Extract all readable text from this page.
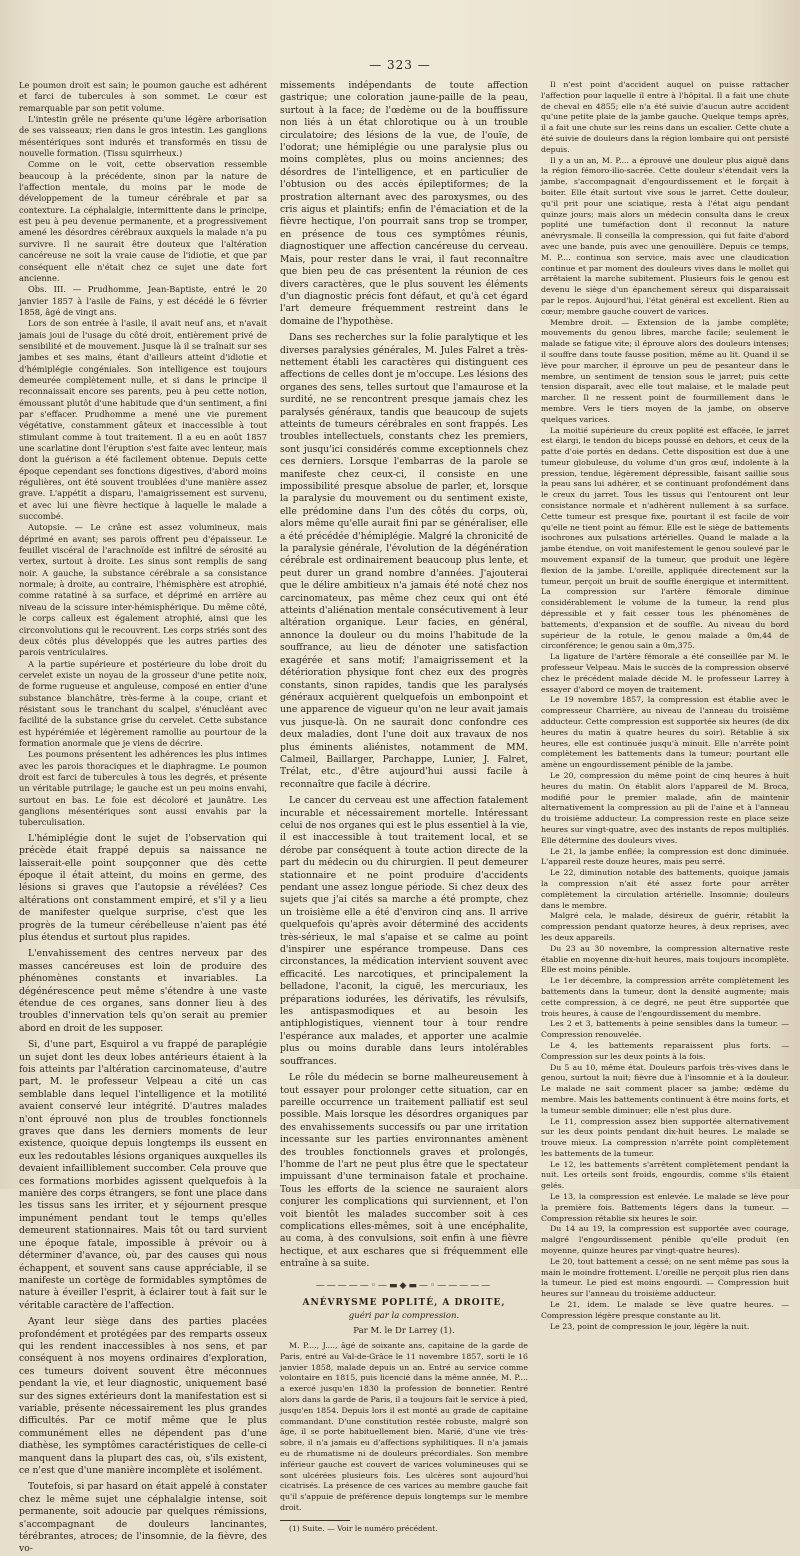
— 323 —

Le poumon droit est sain; le poumon gauche est adhérent et farci de tubercules à son sommet. Le cœur est remarquable par son petit volume.

L'intestin grêle ne présente qu'une légère arborisation de ses vaisseaux; rien dans le gros intestin. Les ganglions mésentériques sont indurés et transformés en tissu de nouvelle formation. (Tissu squirrheux.)

Comme on le voit, cette observation ressemble beaucoup à la précédente, sinon par la nature de l'affection mentale, du moins par le mode de développement de la tumeur cérébrale et par sa contexture. La céphalalgie, intermittente dans le principe, est peu à peu devenue permanente, et a progressivement amené les désordres cérébraux auxquels la malade n'a pu survivre. Il ne saurait être douteux que l'altération cancéreuse ne soit la vraie cause de l'idiotie, et que par conséquent elle n'était chez ce sujet une date fort ancienne.

Obs. III. — Prudhomme, Jean-Baptiste, entré le 20 janvier 1857 à l'asile de Fains, y est décédé le 6 février 1858, âgé de vingt ans.

Lors de son entrée à l'asile, il avait neuf ans, et n'avait jamais joui de l'usage du côté droit, entièrement privé de sensibilité et de mouvement. Jusque là il se traînait sur ses jambes et ses mains, étant d'ailleurs atteint d'idiotie et d'hémiplégie congéniales. Son intelligence est toujours demeurée complètement nulle, et si dans le principe il reconnaissait encore ses parents, peu à peu cette notion, émoussant plutôt d'une habitude que d'un sentiment, a fini par s'effacer. Prudhomme a mené une vie purement végétative, constamment gâteux et inaccessible à tout stimulant comme à tout traitement. Il a eu en août 1857 une scarlatine dont l'éruption s'est faite avec lenteur, mais dont la guérison a été facilement obtenue. Depuis cette époque cependant ses fonctions digestives, d'abord moins régulières, ont été souvent troublées d'une manière assez grave. L'appétit a disparu, l'amaigrissement est survenu, et avec lui une fièvre hectique à laquelle le malade a succombé.

Autopsie. — Le crâne est assez volumineux, mais déprimé en avant; ses parois offrent peu d'épaisseur. Le feuillet viscéral de l'arachnoïde est infiltré de sérosité au vertex, surtout à droite. Les sinus sont remplis de sang noir. A gauche, la substance cérébrale a sa consistance normale; à droite, au contraire, l'hémisphère est atrophié, comme ratatiné à sa surface, et déprimé en arrière au niveau de la scissure inter-hémisphérique. Du même côté, le corps calleux est également atrophié, ainsi que les circonvolutions qui le recouvrent. Les corps striés sont des deux côtés plus développés que les autres parties des parois ventriculaires.

A la partie supérieure et postérieure du lobe droit du cervelet existe un noyau de la grosseur d'une petite noix, de forme rugueuse et anguleuse, composé en entier d'une substance blanchâtre, très-ferme à la coupe, criant et résistant sous le tranchant du scalpel, s'énucléant avec facilité de la substance grise du cervelet. Cette substance est hypérémiée et légèrement ramollie au pourtour de la formation anormale que je viens de décrire.

Les poumons présentent les adhérences les plus intimes avec les parois thoraciques et le diaphragme. Le poumon droit est farci de tubercules à tous les degrés, et présente un véritable putrilage; le gauche est un peu moins envahi, surtout en bas. Le foie est décoloré et jaunâtre. Les ganglions mésentériques sont aussi envahis par la tuberculisation.

L'hémiplégie dont le sujet de l'observation qui précède était frappé depuis sa naissance ne laisserait-elle point soupçonner que dès cette époque il était atteint, du moins en germe, des lésions si graves que l'autopsie a révélées? Ces altérations ont constamment empiré, et s'il y a lieu de manifester quelque surprise, c'est que les progrès de la tumeur cérébelleuse n'aient pas été plus étendus et surtout plus rapides.

L'envahissement des centres nerveux par des masses cancéreuses est loin de produire des phénomènes constants et invariables. La dégénérescence peut même s'étendre à une vaste étendue de ces organes, sans donner lieu à des troubles d'innervation tels qu'on serait au premier abord en droit de les supposer.

Si, d'une part, Esquirol a vu frappé de paraplégie un sujet dont les deux lobes antérieurs étaient à la fois atteints par l'altération carcinomateuse, d'autre part, M. le professeur Velpeau a cité un cas semblable dans lequel l'intelligence et la motilité avaient conservé leur intégrité. D'autres malades n'ont éprouvé non plus de troubles fonctionnels graves que dans les derniers moments de leur existence, quoique depuis longtemps ils eussent en eux les redoutables lésions organiques auxquelles ils devaient infailliblement succomber. Cela prouve que ces formations morbides agissent quelquefois à la manière des corps étrangers, se font une place dans les tissus sans les irriter, et y séjournent presque impunément pendant tout le temps qu'elles demeurent stationnaires. Mais tôt ou tard survient une époque fatale, impossible à prévoir ou à déterminer d'avance, où, par des causes qui nous échappent, et souvent sans cause appréciable, il se manifeste un cortège de formidables symptômes de nature à éveiller l'esprit, à éclairer tout à fait sur le véritable caractère de l'affection.

Ayant leur siège dans des parties placées profondément et protégées par des remparts osseux qui les rendent inaccessibles à nos sens, et par conséquent à nos moyens ordinaires d'exploration, ces tumeurs doivent souvent être méconnues pendant la vie, et leur diagnostic, uniquement basé sur des signes extérieurs dont la manifestation est si variable, présente nécessairement les plus grandes difficultés. Par ce motif même que le plus communément elles ne dépendent pas d'une diathèse, les symptômes caractéristiques de celle-ci manquent dans la plupart des cas, où, s'ils existent, ce n'est que d'une manière incomplète et isolément.

Toutefois, si par hasard on était appelé à constater chez le même sujet une céphalalgie intense, soit permanente, soit adoucie par quelques rémissions, s'accompagnant de douleurs lancinantes, térébrantes, atroces; de l'insomnie, de la fièvre, des vo-

missements indépendants de toute affection gastrique; une coloration jaune-paille de la peau, surtout à la face; de l'œdème ou de la bouffissure non liés à un état chlorotique ou à un trouble circulatoire; des lésions de la vue, de l'ouïe, de l'odorat; une hémiplégie ou une paralysie plus ou moins complètes, plus ou moins anciennes; des désordres de l'intelligence, et en particulier de l'obtusion ou des accès épileptiformes; de la prostration alternant avec des paroxysmes, ou des cris aigus et plaintifs; enfin de l'émaciation et de la fièvre hectique, l'on pourrait sans trop se tromper, en présence de tous ces symptômes réunis, diagnostiquer une affection cancéreuse du cerveau. Mais, pour rester dans le vrai, il faut reconnaître que bien peu de cas présentent la réunion de ces divers caractères, que le plus souvent les éléments d'un diagnostic précis font défaut, et qu'à cet égard l'art demeure fréquemment restreint dans le domaine de l'hypothèse.

Dans ses recherches sur la folie paralytique et les diverses paralysies générales, M. Jules Falret a très-nettement établi les caractères qui distinguent ces affections de celles dont je m'occupe. Les lésions des organes des sens, telles surtout que l'amaurose et la surdité, ne se rencontrent presque jamais chez les paralysés généraux, tandis que beaucoup de sujets atteints de tumeurs cérébrales en sont frappés. Les troubles intellectuels, constants chez les premiers, sont jusqu'ici considérés comme exceptionnels chez ces derniers. Lorsque l'embarras de la parole se manifeste chez ceux-ci, il consiste en une impossibilité presque absolue de parler, et, lorsque la paralysie du mouvement ou du sentiment existe, elle prédomine dans l'un des côtés du corps, où, alors même qu'elle aurait fini par se généraliser, elle a été précédée d'hémiplégie. Malgré la chronicité de la paralysie générale, l'évolution de la dégénération cérébrale est ordinairement beaucoup plus lente, et peut durer un grand nombre d'années. J'ajouterai que le délire ambitieux n'a jamais été noté chez nos carcinomateux, pas même chez ceux qui ont été atteints d'aliénation mentale consécutivement à leur altération organique. Leur facies, en général, annonce la douleur ou du moins l'habitude de la souffrance, au lieu de dénoter une satisfaction exagérée et sans motif; l'amaigrissement et la détérioration physique font chez eux des progrès constants, sinon rapides, tandis que les paralysés généraux acquièrent quelquefois un embonpoint et une apparence de vigueur qu'on ne leur avait jamais vus jusque-là. On ne saurait donc confondre ces deux maladies, dont l'une doit aux travaux de nos plus éminents aliénistes, notamment de MM. Calmeil, Baillarger, Parchappe, Lunier, J. Falret, Trélat, etc., d'être aujourd'hui aussi facile à reconnaître que facile à décrire.

Le cancer du cerveau est une affection fatalement incurable et nécessairement mortelle. Intéressant celui de nos organes qui est le plus essentiel à la vie, il est inaccessible à tout traitement local, et se dérobe par conséquent à toute action directe de la part du médecin ou du chirurgien. Il peut demeurer stationnaire et ne point produire d'accidents pendant une assez longue période. Si chez deux des sujets que j'ai cités sa marche a été prompte, chez un troisième elle a été d'environ cinq ans. Il arrive quelquefois qu'après avoir déterminé des accidents très-sérieux, le mal s'apaise et se calme au point d'inspirer une espérance trompeuse. Dans ces circonstances, la médication intervient souvent avec efficacité. Les narcotiques, et principalement la belladone, l'aconit, la ciguë, les mercuriaux, les préparations iodurées, les dérivatifs, les révulsifs, les antispasmodiques et au besoin les antiphlogistiques, viennent tour à tour rendre l'espérance aux malades, et apporter une acalmie plus ou moins durable dans leurs intolérables souffrances.

Le rôle du médecin se borne malheureusement à tout essayer pour prolonger cette situation, car en pareille occurrence un traitement palliatif est seul possible. Mais lorsque les désordres organiques par des envahissements successifs ou par une irritation incessante sur les parties environnantes amènent des troubles fonctionnels graves et prolongés, l'homme de l'art ne peut plus être que le spectateur impuissant d'une terminaison fatale et prochaine. Tous les efforts de la science ne sauraient alors conjurer les complications qui surviennent, et l'on voit bientôt les malades succomber soit à ces complications elles-mêmes, soit à une encéphalite, au coma, à des convulsions, soit enfin à une fièvre hectique, et aux eschares que si fréquemment elle entraîne à sa suite.

—————◦—▬◆▬—◦—————
ANÉVRYSME POPLITÉ, A DROITE,
guéri par la compression.
Par M. le Dr Larrey (1).

M. P...., J...., âgé de soixante ans, capitaine de la garde de Paris, entré au Val-de-Grâce le 11 novembre 1857, sorti le 16 janvier 1858, malade depuis un an. Entré au service comme volontaire en 1815, puis licencié dans la même année, M. P.... a exercé jusqu'en 1830 la profession de bonnetier. Rentré alors dans la garde de Paris, il a toujours fait le service à pied, jusqu'en 1854. Depuis lors il est monté au grade de capitaine commandant. D'une constitution restée robuste, malgré son âge, il se porte habituellement bien. Marié, d'une vie très-sobre, il n'a jamais eu d'affections syphilitiques. Il n'a jamais eu de rhumatisme ni de douleurs précordiales. Son membre inférieur gauche est couvert de varices volumineuses qui se sont ulcérées plusieurs fois. Les ulcères sont aujourd'hui cicatrisés. La présence de ces varices au membre gauche fait qu'il s'appuie de préférence depuis longtemps sur le membre droit.

(1) Suite. — Voir le numéro précédent.

Il n'est point d'accident auquel on puisse rattacher l'affection pour laquelle il entre à l'hôpital. Il a fait une chute de cheval en 4855; elle n'a été suivie d'aucun autre accident qu'une petite plaie de la jambe gauche. Quelque temps après, il a fait une chute sur les reins dans un escalier. Cette chute a été suivie de douleurs dans la région lombaire qui ont persisté depuis.

Il y a un an, M. P.... a éprouvé une douleur plus aiguë dans la région fémoro-ilio-sacrée. Cette douleur s'étendait vers la jambe, s'accompagnait d'engourdissement et le forçait à boiter. Elle était surtout vive sous le jarret. Cette douleur, qu'il prit pour une sciatique, resta à l'état aigu pendant quinze jours; mais alors un médecin consulta dans le creux poplité une tuméfaction dont il reconnut la nature anévrysmale. Il conseilla la compression, qui fut faite d'abord avec une bande, puis avec une genouillère. Depuis ce temps, M. P.... continua son service, mais avec une claudication continue et par moment des douleurs vives dans le mollet qui arrêtaient la marche subitement. Plusieurs fois le genou est devenu le siège d'un épanchement séreux qui disparaissait par le repos. Aujourd'hui, l'état général est excellent. Rien au cœur; membre gauche couvert de varices.

Membre droit. — Extension de la jambe complète; mouvements du genou libres, marche facile; seulement le malade se fatigue vite; il éprouve alors des douleurs intenses; il souffre dans toute fausse position, même au lit. Quand il se lève pour marcher, il éprouve un peu de pesanteur dans le membre, un sentiment de tension sous le jarret; puis cette tension disparaît, avec elle tout malaise, et le malade peut marcher. Il ne ressent point de fourmillement dans le membre. Vers le tiers moyen de la jambe, on observe quelques varices.

La moitié supérieure du creux poplité est effacée, le jarret est élargi, le tendon du biceps poussé en dehors, et ceux de la patte d'oie portés en dedans. Cette disposition est due à une tumeur globuleuse, du volume d'un gros œuf, indolente à la pression, tendue, légèrement dépressible, faisant saillie sous la peau sans lui adhérer, et se continuant profondément dans le creux du jarret. Tous les tissus qui l'entourent ont leur consistance normale et n'adhèrent nullement à sa surface. Cette tumeur est presque fixe, pourtant il est facile de voir qu'elle ne tient point au fémur. Elle est le siège de battements isochrones aux pulsations artérielles. Quand le malade a la jambe étendue, on voit manifestement le genou soulevé par le mouvement expansif de la tumeur, que produit une légère flexion de la jambe. L'oreille, appliquée directement sur la tumeur, perçoit un bruit de souffle énergique et intermittent. La compression sur l'artère fémorale diminue considérablement le volume de la tumeur, la rend plus dépressible et y fait cesser tous les phénomènes de battements, d'expansion et de souffle. Au niveau du bord supérieur de la rotule, le genou malade a 0m,44 de circonférence; le genou sain a 0m,375.

La ligature de l'artère fémorale a été conseillée par M. le professeur Velpeau. Mais le succès de la compression observé chez le précédent malade décide M. le professeur Larrey à essayer d'abord ce moyen de traitement.

Le 19 novembre 1857, la compression est établie avec le compresseur Charrière, au niveau de l'anneau du troisième adducteur. Cette compression est supportée six heures (de dix heures du matin à quatre heures du soir). Rétablie à six heures, elle est continuée jusqu'à minuit. Elle n'arrête point complètement les battements dans la tumeur; pourtant elle amène un engourdissement pénible de la jambe.

Le 20, compression du même point de cinq heures à huit heures du matin. On établit alors l'appareil de M. Broca, modifié pour le premier malade, afin de maintenir alternativement la compression au pli de l'aine et à l'anneau du troisième adducteur. La compression reste en place seize heures sur vingt-quatre, avec des instants de repos multipliés. Elle détermine des douleurs vives.

Le 21, la jambe enflée; la compression est donc diminuée. L'appareil reste douze heures, mais peu serré.

Le 22, diminution notable des battements, quoique jamais la compression n'ait été assez forte pour arrêter complètement la circulation artérielle. Insomnie; douleurs dans le membre.

Malgré cela, le malade, désireux de guérir, rétablit la compression pendant quatorze heures, à deux reprises, avec les deux appareils.

Du 23 au 30 novembre, la compression alternative reste établie en moyenne dix-huit heures, mais toujours incomplète. Elle est moins pénible.

Le 1er décembre, la compression arrête complètement les battements dans la tumeur, dont la densité augmente; mais cette compression, à ce degré, ne peut être supportée que trois heures, à cause de l'engourdissement du membre.

Les 2 et 3, battements à peine sensibles dans la tumeur. — Compression renouvelée.

Le 4, les battements reparaissent plus forts. — Compression sur les deux points à la fois.

Du 5 au 10, même état. Douleurs parfois très-vives dans le genou, surtout la nuit; fièvre due à l'insomnie et à la douleur. Le malade ne sait comment placer sa jambe; œdème du membre. Mais les battements continuent à être moins forts, et la tumeur semble diminuer; elle n'est plus dure.

Le 11, compression assez bien supportée alternativement sur les deux points pendant dix-huit heures. Le malade se trouve mieux. La compression n'arrête point complètement les battements de la tumeur.

Le 12, les battements s'arrêtent complètement pendant la nuit. Les orteils sont froids, engourdis, comme s'ils étaient gelés.

Le 13, la compression est enlevée. Le malade se lève pour la première fois. Battements légers dans la tumeur. — Compression rétablie six heures le soir.

Du 14 au 19, la compression est supportée avec courage, malgré l'engourdissement pénible qu'elle produit (en moyenne, quinze heures par vingt-quatre heures).

Le 20, tout battement a cessé; on ne sent même pas sous la main le moindre frottement. L'oreille ne perçoit plus rien dans la tumeur. Le pied est moins engourdi. — Compression huit heures sur l'anneau du troisième adducteur.

Le 21, idem. Le malade se lève quatre heures. — Compression légère presque constante au lit.

Le 23, point de compression le jour, légère la nuit.
